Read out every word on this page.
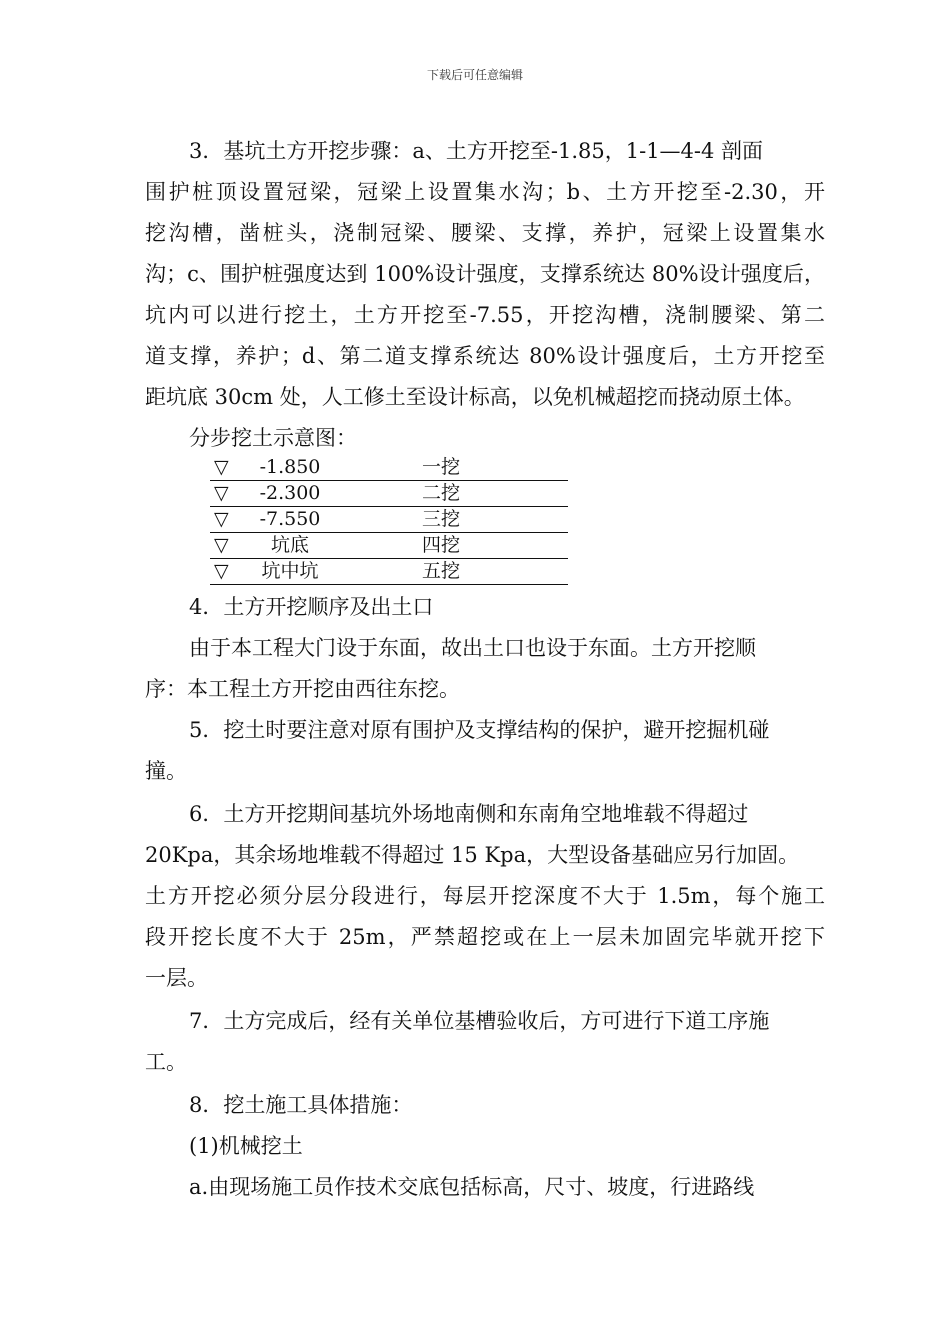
下载后可任意编辑
3．基坑土方开挖步骤：a、土方开挖至-1.85，1-1—4-4 剖面
围护桩顶设置冠梁，冠梁上设置集水沟；b、土方开挖至-2.30，开
挖沟槽，凿桩头，浇制冠梁、腰梁、支撑，养护，冠梁上设置集水
沟；c、围护桩强度达到 100%设计强度，支撑系统达 80%设计强度后，
坑内可以进行挖土，土方开挖至-7.55，开挖沟槽，浇制腰梁、第二
道支撑，养护；d、第二道支撑系统达 80%设计强度后，土方开挖至
距坑底 30cm 处，人工修土至设计标高，以免机械超挖而挠动原土体。
分步挖土示意图：
▽ -1.850	一挖
▽ -2.300	二挖
▽ -7.550	三挖
▽	坑底	四挖
▽	坑中坑	五挖
4．土方开挖顺序及出土口
由于本工程大门设于东面，故出土口也设于东面。土方开挖顺
序：本工程土方开挖由西往东挖。
5．挖土时要注意对原有围护及支撑结构的保护，避开挖掘机碰
撞。
6．土方开挖期间基坑外场地南侧和东南角空地堆载不得超过
20Kpa，其余场地堆载不得超过 15 Kpa，大型设备基础应另行加固。
土方开挖必须分层分段进行，每层开挖深度不大于 1.5m，每个施工
段开挖长度不大于 25m，严禁超挖或在上一层未加固完毕就开挖下
一层。
7．土方完成后，经有关单位基槽验收后，方可进行下道工序施
工。
8．挖土施工具体措施：
(1)机械挖土
a.由现场施工员作技术交底包括标高，尺寸、坡度，行进路线
